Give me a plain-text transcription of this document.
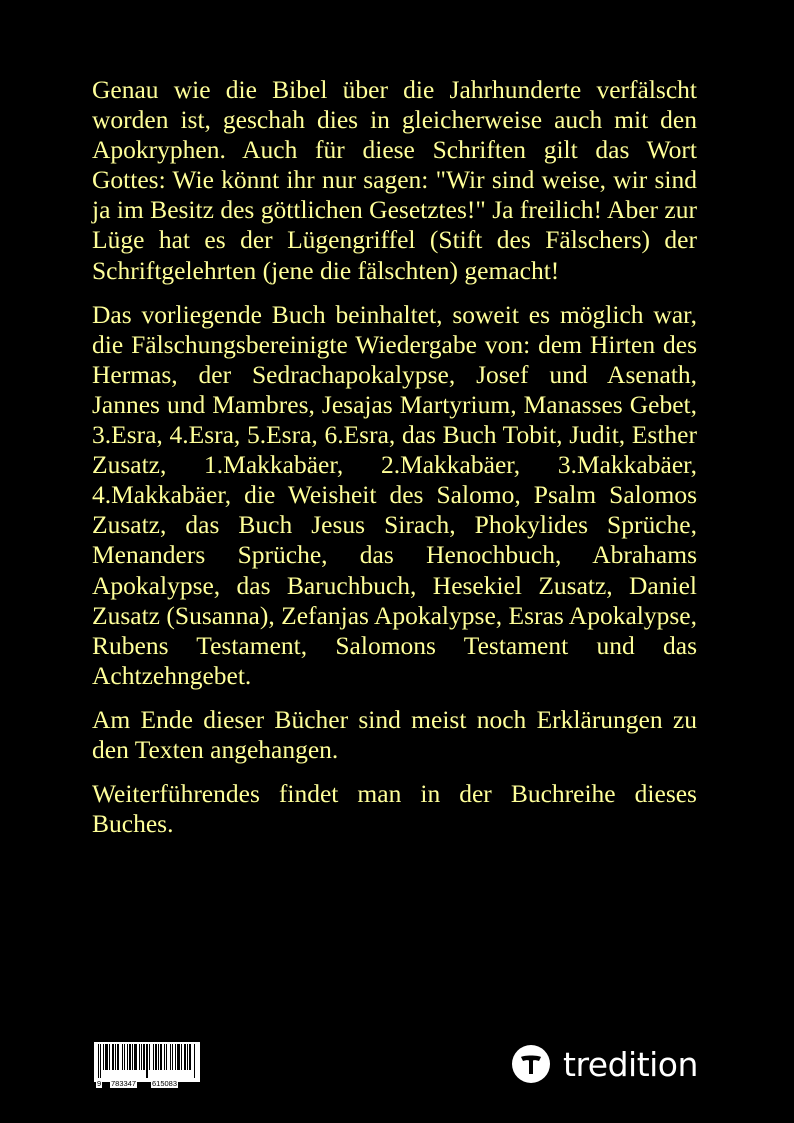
Genau wie die Bibel über die Jahrhunderte verfälscht worden ist, geschah dies in gleicherweise auch mit den Apokryphen. Auch für diese Schriften gilt das Wort Gottes: Wie könnt ihr nur sagen: "Wir sind weise, wir sind ja im Besitz des göttlichen Gesetztes!" Ja freilich! Aber zur Lüge hat es der Lügengriffel (Stift des Fälschers) der Schriftgelehrten (jene die fälschten) gemacht!

Das vorliegende Buch beinhaltet, soweit es möglich war, die Fälschungsbereinigte Wiedergabe von: dem Hirten des Hermas, der Sedrachapokalypse, Josef und Asenath, Jannes und Mambres, Jesajas Martyrium, Manasses Gebet, 3.Esra, 4.Esra, 5.Esra, 6.Esra, das Buch Tobit, Judit, Esther Zusatz, 1.Makkabäer, 2.Makkabäer, 3.Makkabäer, 4.Makkabäer, die Weisheit des Salomo, Psalm Salomos Zusatz, das Buch Jesus Sirach, Phokylides Sprüche, Menanders Sprüche, das Henochbuch, Abrahams Apokalypse, das Baruchbuch, Hesekiel Zusatz, Daniel Zusatz (Susanna), Zefanjas Apokalypse, Esras Apokalypse, Rubens Testament, Salomons Testament und das Achtzehngebet.

Am Ende dieser Bücher sind meist noch Erklärungen zu den Texten angehangen.

Weiterführendes findet man in der Buchreihe dieses Buches.

9 783347 615083	tredition
